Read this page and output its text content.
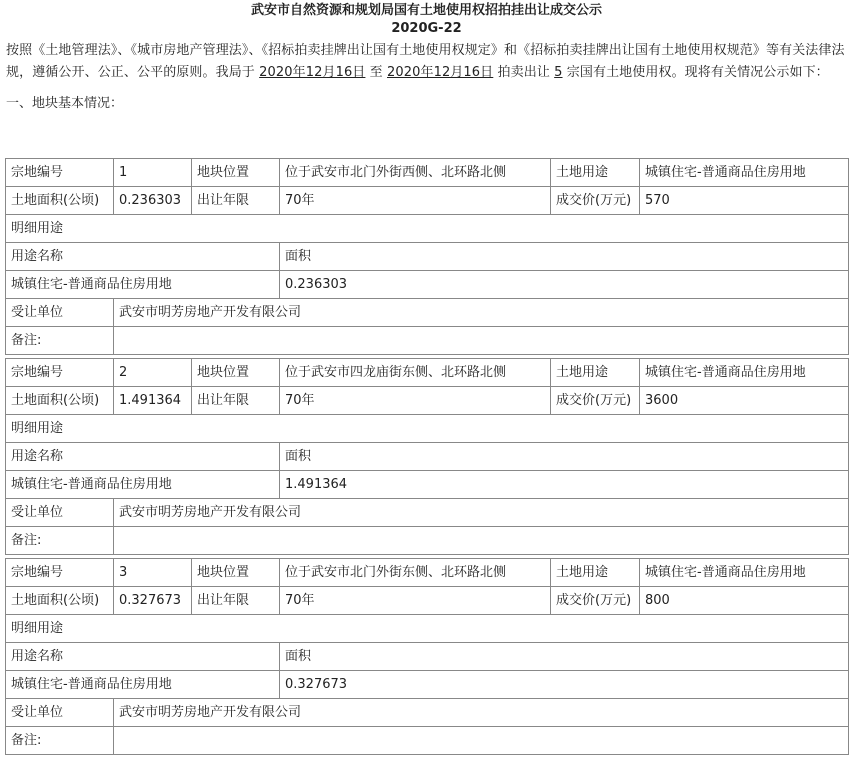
武安市自然资源和规划局国有土地使用权招拍挂出让成交公示
2020G-22
按照《土地管理法》、《城市房地产管理法》、《招标拍卖挂牌出让国有土地使用权规定》和《招标拍卖挂牌出让国有土地使用权规范》等有关法律法规，遵循公开、公正、公平的原则。我局于 2020年12月16日 至 2020年12月16日 拍卖出让 5 宗国有土地使用权。现将有关情况公示如下：
一、地块基本情况：
宗地编号	1	地块位置	位于武安市北门外街西侧、北环路北侧	土地用途	城镇住宅-普通商品住房用地
土地面积(公顷)	0.236303	出让年限	70年	成交价(万元)	570
明细用途					
用途名称			面积		
城镇住宅-普通商品住房用地			0.236303		
受让单位	武安市明芳房地产开发有限公司				
备注:					
宗地编号	2	地块位置	位于武安市四龙庙街东侧、北环路北侧	土地用途	城镇住宅-普通商品住房用地
土地面积(公顷)	1.491364	出让年限	70年	成交价(万元)	3600
明细用途					
用途名称			面积		
城镇住宅-普通商品住房用地			1.491364		
受让单位	武安市明芳房地产开发有限公司				
备注:					
宗地编号	3	地块位置	位于武安市北门外街东侧、北环路北侧	土地用途	城镇住宅-普通商品住房用地
土地面积(公顷)	0.327673	出让年限	70年	成交价(万元)	800
明细用途					
用途名称			面积		
城镇住宅-普通商品住房用地			0.327673		
受让单位	武安市明芳房地产开发有限公司				
备注:					
